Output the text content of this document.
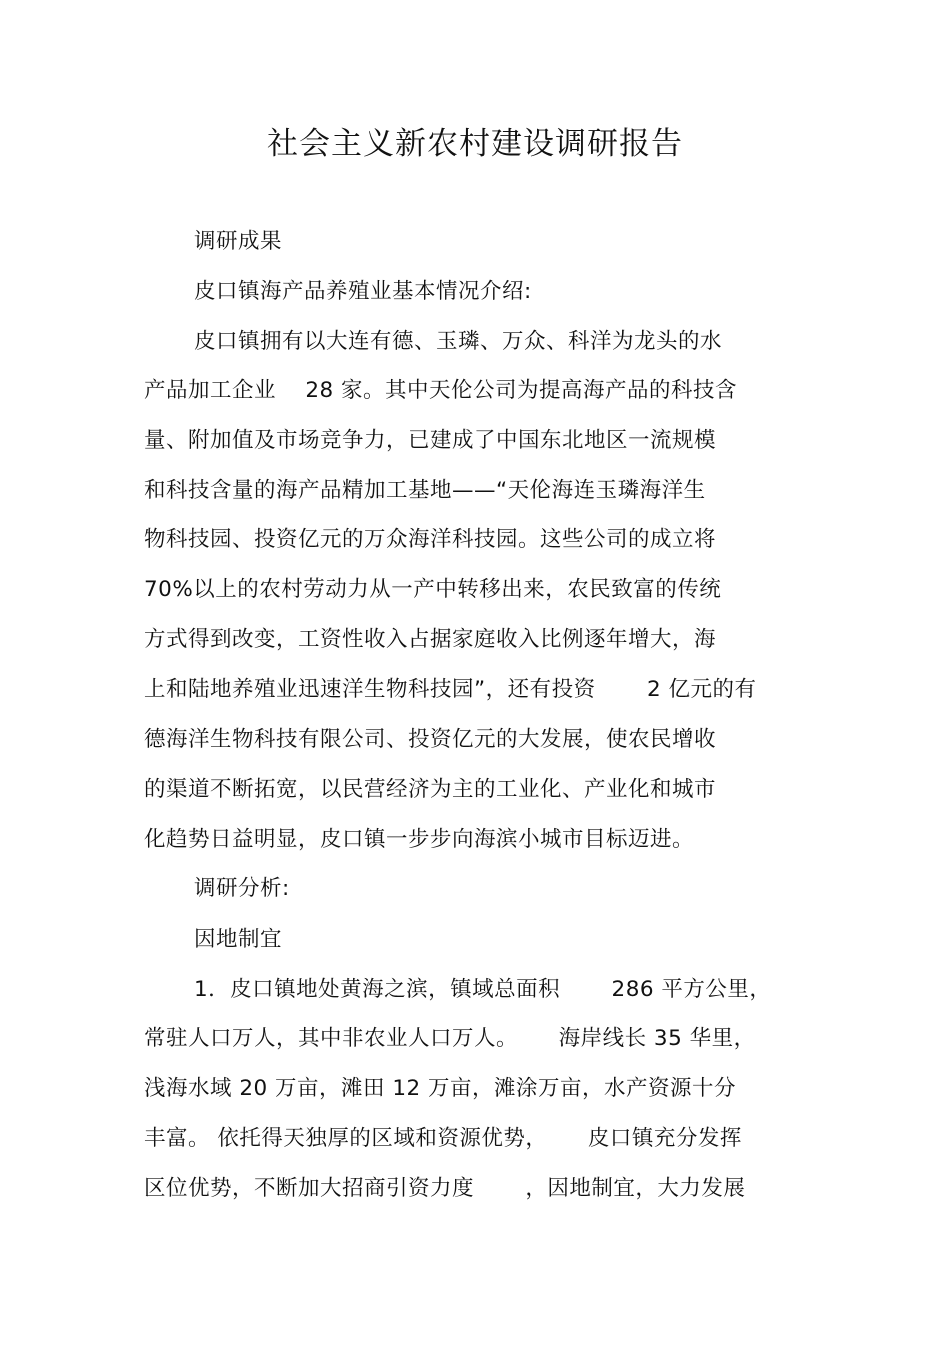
社会主义新农村建设调研报告
调研成果
皮口镇海产品养殖业基本情况介绍:
皮口镇拥有以大连有德、玉璘、万众、科洋为龙头的水
产品加工企业　 28 家。其中天伦公司为提高海产品的科技含
量、附加值及市场竞争力，已建成了中国东北地区一流规模
和科技含量的海产品精加工基地——“天伦海连玉璘海洋生
物科技园、投资亿元的万众海洋科技园。这些公司的成立将
70%以上的农村劳动力从一产中转移出来，农民致富的传统
方式得到改变，工资性收入占据家庭收入比例逐年增大，海
上和陆地养殖业迅速洋生物科技园”，还有投资　　 2 亿元的有
德海洋生物科技有限公司、投资亿元的大发展，使农民增收
的渠道不断拓宽，以民营经济为主的工业化、产业化和城市
化趋势日益明显，皮口镇一步步向海滨小城市目标迈进。
调研分析:
因地制宜
1．皮口镇地处黄海之滨，镇域总面积　　 286 平方公里，
常驻人口万人，其中非农业人口万人。　　 海岸线长 35 华里，
浅海水域 20 万亩，滩田 12 万亩，滩涂万亩，水产资源十分
丰富。 依托得天独厚的区域和资源优势，　　 皮口镇充分发挥
区位优势，不断加大招商引资力度　　 ，因地制宜，大力发展
